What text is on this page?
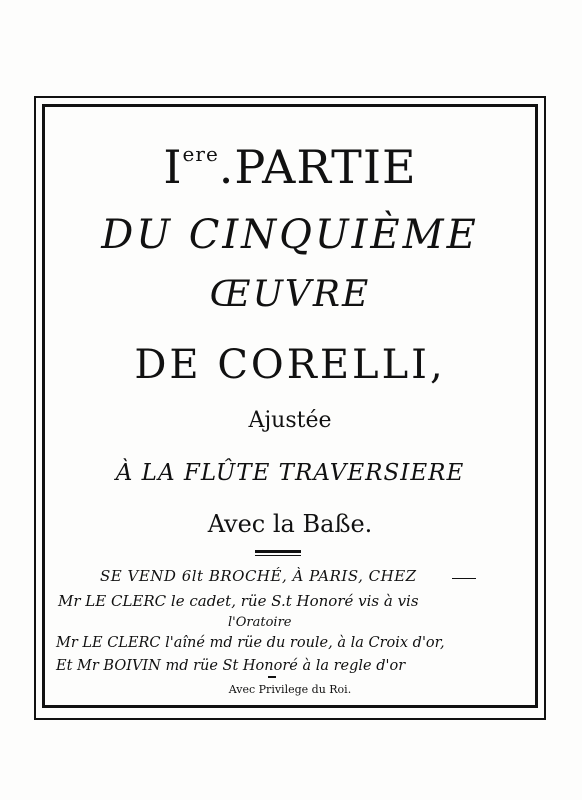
Iere.PARTIE
DU CINQUIÈME
ŒUVRE
DE CORELLI,
Ajustée
À LA FLÛTE TRAVERSIERE
Avec la Baße.
SE VEND 6lt BROCHÉ, À PARIS, CHEZ
Mr LE CLERC le cadet, rüe S.t Honoré vis à vis
l'Oratoire
Mr LE CLERC l'aîné md rüe du roule, à la Croix d'or,
Et Mr BOIVIN md rüe St Honoré à la regle d'or
Avec Privilege du Roi.
